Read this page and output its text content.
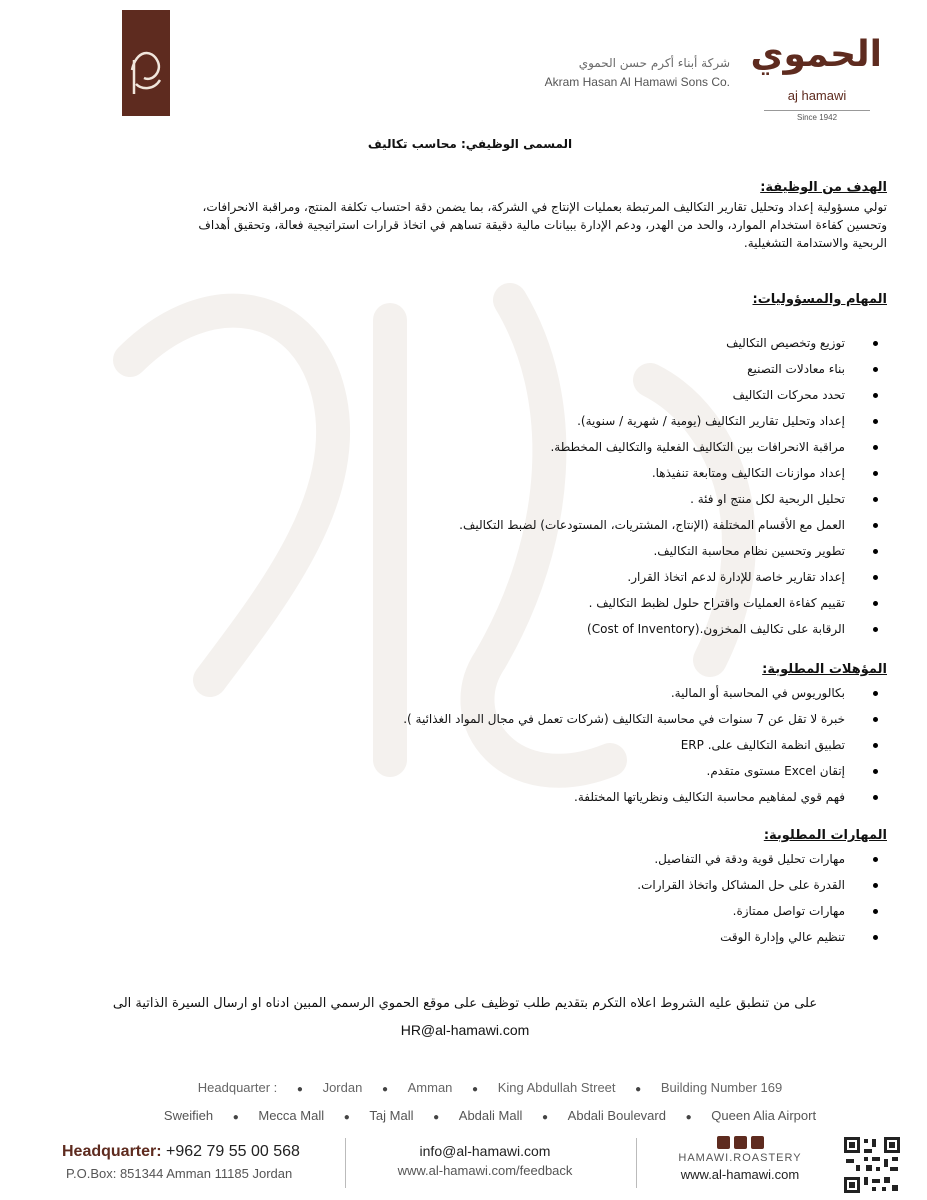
شركة أبناء أكرم حسن الحموي
Akram Hasan Al Hamawi Sons Co.
الحموي
aj hamawi
Since 1942
المسمى الوظيفي: محاسب تكاليف
الهدف من الوظيفة:
تولي مسؤولية إعداد وتحليل تقارير التكاليف المرتبطة بعمليات الإنتاج في الشركة، بما يضمن دقة احتساب تكلفة المنتج، ومراقبة الانحرافات،
وتحسين كفاءة استخدام الموارد، والحد من الهدر، ودعم الإدارة ببيانات مالية دقيقة تساهم في اتخاذ قرارات استراتيجية فعالة، وتحقيق أهداف
الربحية والاستدامة التشغيلية.
المهام والمسؤوليات:
توزيع وتخصيص التكاليف
بناء معادلات التصنيع
تحدد محركات التكاليف
إعداد وتحليل تقارير التكاليف (يومية / شهرية / سنوية).
مراقبة الانحرافات بين التكاليف الفعلية والتكاليف المخططة.
إعداد موازنات التكاليف ومتابعة تنفيذها.
تحليل الربحية لكل منتج او فئة .
العمل مع الأقسام المختلفة (الإنتاج، المشتريات، المستودعات) لضبط التكاليف.
تطوير وتحسين نظام محاسبة التكاليف.
إعداد تقارير خاصة للإدارة لدعم اتخاذ القرار.
تقييم كفاءة العمليات واقتراح حلول لظبط التكاليف .
الرقابة على تكاليف المخزون.(Cost of Inventory)
المؤهلات المطلوبة:
بكالوريوس في المحاسبة أو المالية.
خبرة لا تقل عن 7 سنوات في محاسبة التكاليف (شركات تعمل في مجال المواد الغذائية ).
تطبيق انظمة التكاليف على. ERP
إتقان Excel مستوى متقدم.
فهم قوي لمفاهيم محاسبة التكاليف ونظرياتها المختلفة.
المهارات المطلوبة:
مهارات تحليل قوية ودقة في التفاصيل.
القدرة على حل المشاكل واتخاذ القرارات.
مهارات تواصل ممتازة.
تنظيم عالي وإدارة الوقت
على من تنطبق عليه الشروط اعلاه التكرم بتقديم طلب توظيف على موقع الحموي الرسمي المبين ادناه او ارسال السيرة الذاتية الى
HR@al-hamawi.com
Headquarter : ● Jordan ● Amman ● King Abdullah Street ● Building Number 169
Sweifieh ● Mecca Mall ● Taj Mall ● Abdali Mall ● Abdali Boulevard ● Queen Alia Airport
Headquarter: +962 79 55 00 568
P.O.Box: 851344 Amman 11185 Jordan
info@al-hamawi.com
www.al-hamawi.com/feedback
HAMAWI.ROASTERY
www.al-hamawi.com
